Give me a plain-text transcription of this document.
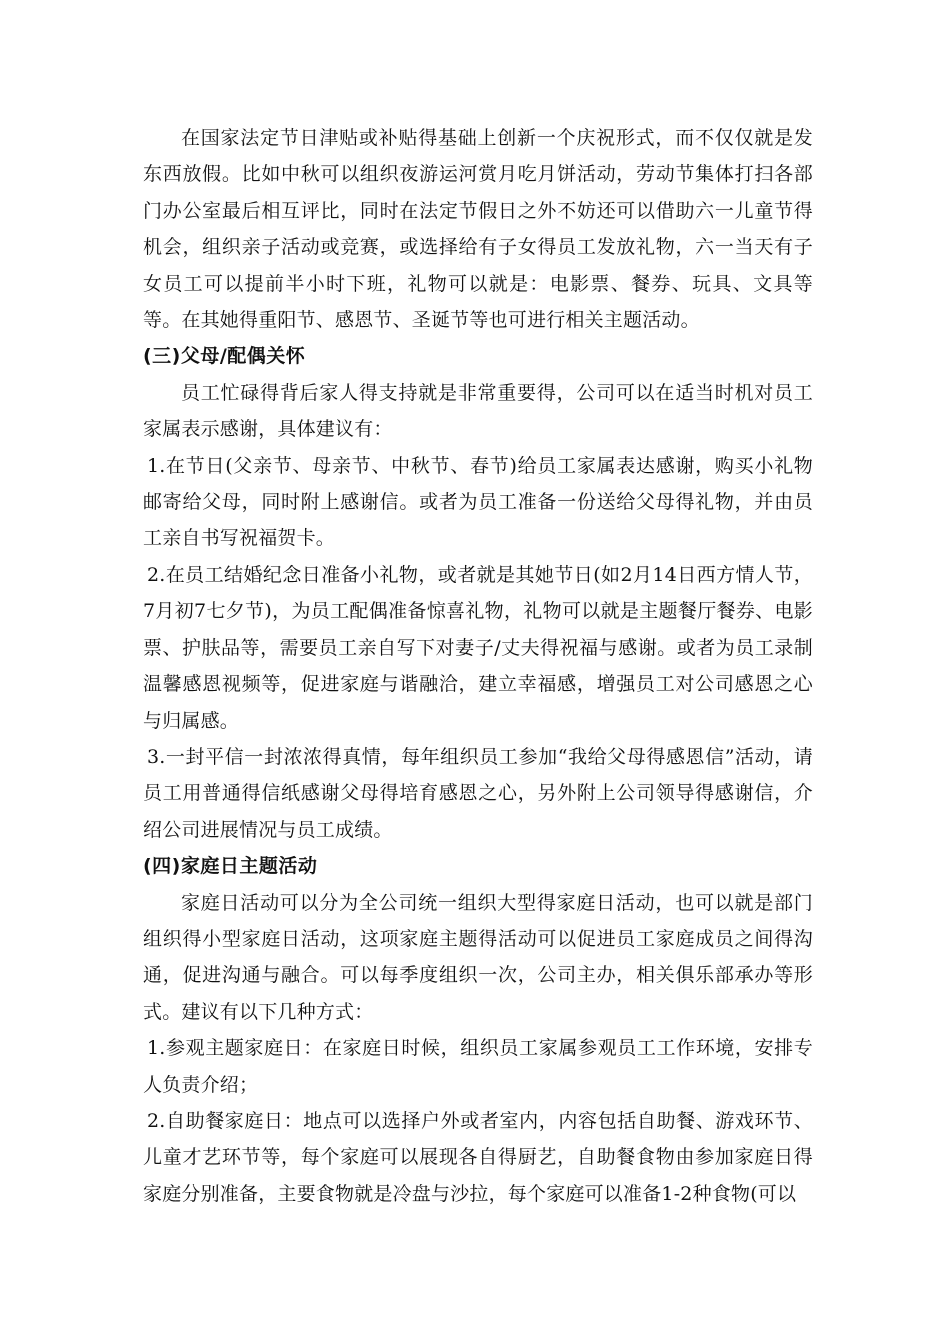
在国家法定节日津贴或补贴得基础上创新一个庆祝形式，而不仅仅就是发东西放假。比如中秋可以组织夜游运河赏月吃月饼活动，劳动节集体打扫各部门办公室最后相互评比，同时在法定节假日之外不妨还可以借助六一儿童节得机会，组织亲子活动或竞赛，或选择给有子女得员工发放礼物，六一当天有子女员工可以提前半小时下班，礼物可以就是：电影票、餐券、玩具、文具等等。在其她得重阳节、感恩节、圣诞节等也可进行相关主题活动。

(三)父母/配偶关怀

员工忙碌得背后家人得支持就是非常重要得，公司可以在适当时机对员工家属表示感谢，具体建议有：

1.在节日(父亲节、母亲节、中秋节、春节)给员工家属表达感谢，购买小礼物邮寄给父母，同时附上感谢信。或者为员工准备一份送给父母得礼物，并由员工亲自书写祝福贺卡。

2.在员工结婚纪念日准备小礼物，或者就是其她节日(如2月14日西方情人节，7月初7七夕节)，为员工配偶准备惊喜礼物，礼物可以就是主题餐厅餐券、电影票、护肤品等，需要员工亲自写下对妻子/丈夫得祝福与感谢。或者为员工录制温馨感恩视频等，促进家庭与谐融洽，建立幸福感，增强员工对公司感恩之心与归属感。

3.一封平信一封浓浓得真情，每年组织员工参加“我给父母得感恩信”活动，请员工用普通得信纸感谢父母得培育感恩之心，另外附上公司领导得感谢信，介绍公司进展情况与员工成绩。

(四)家庭日主题活动

家庭日活动可以分为全公司统一组织大型得家庭日活动，也可以就是部门组织得小型家庭日活动，这项家庭主题得活动可以促进员工家庭成员之间得沟通，促进沟通与融合。可以每季度组织一次，公司主办，相关俱乐部承办等形式。建议有以下几种方式：

1.参观主题家庭日：在家庭日时候，组织员工家属参观员工工作环境，安排专人负责介绍；

2.自助餐家庭日：地点可以选择户外或者室内，内容包括自助餐、游戏环节、儿童才艺环节等，每个家庭可以展现各自得厨艺，自助餐食物由参加家庭日得家庭分别准备，主要食物就是冷盘与沙拉，每个家庭可以准备1-2种食物(可以
